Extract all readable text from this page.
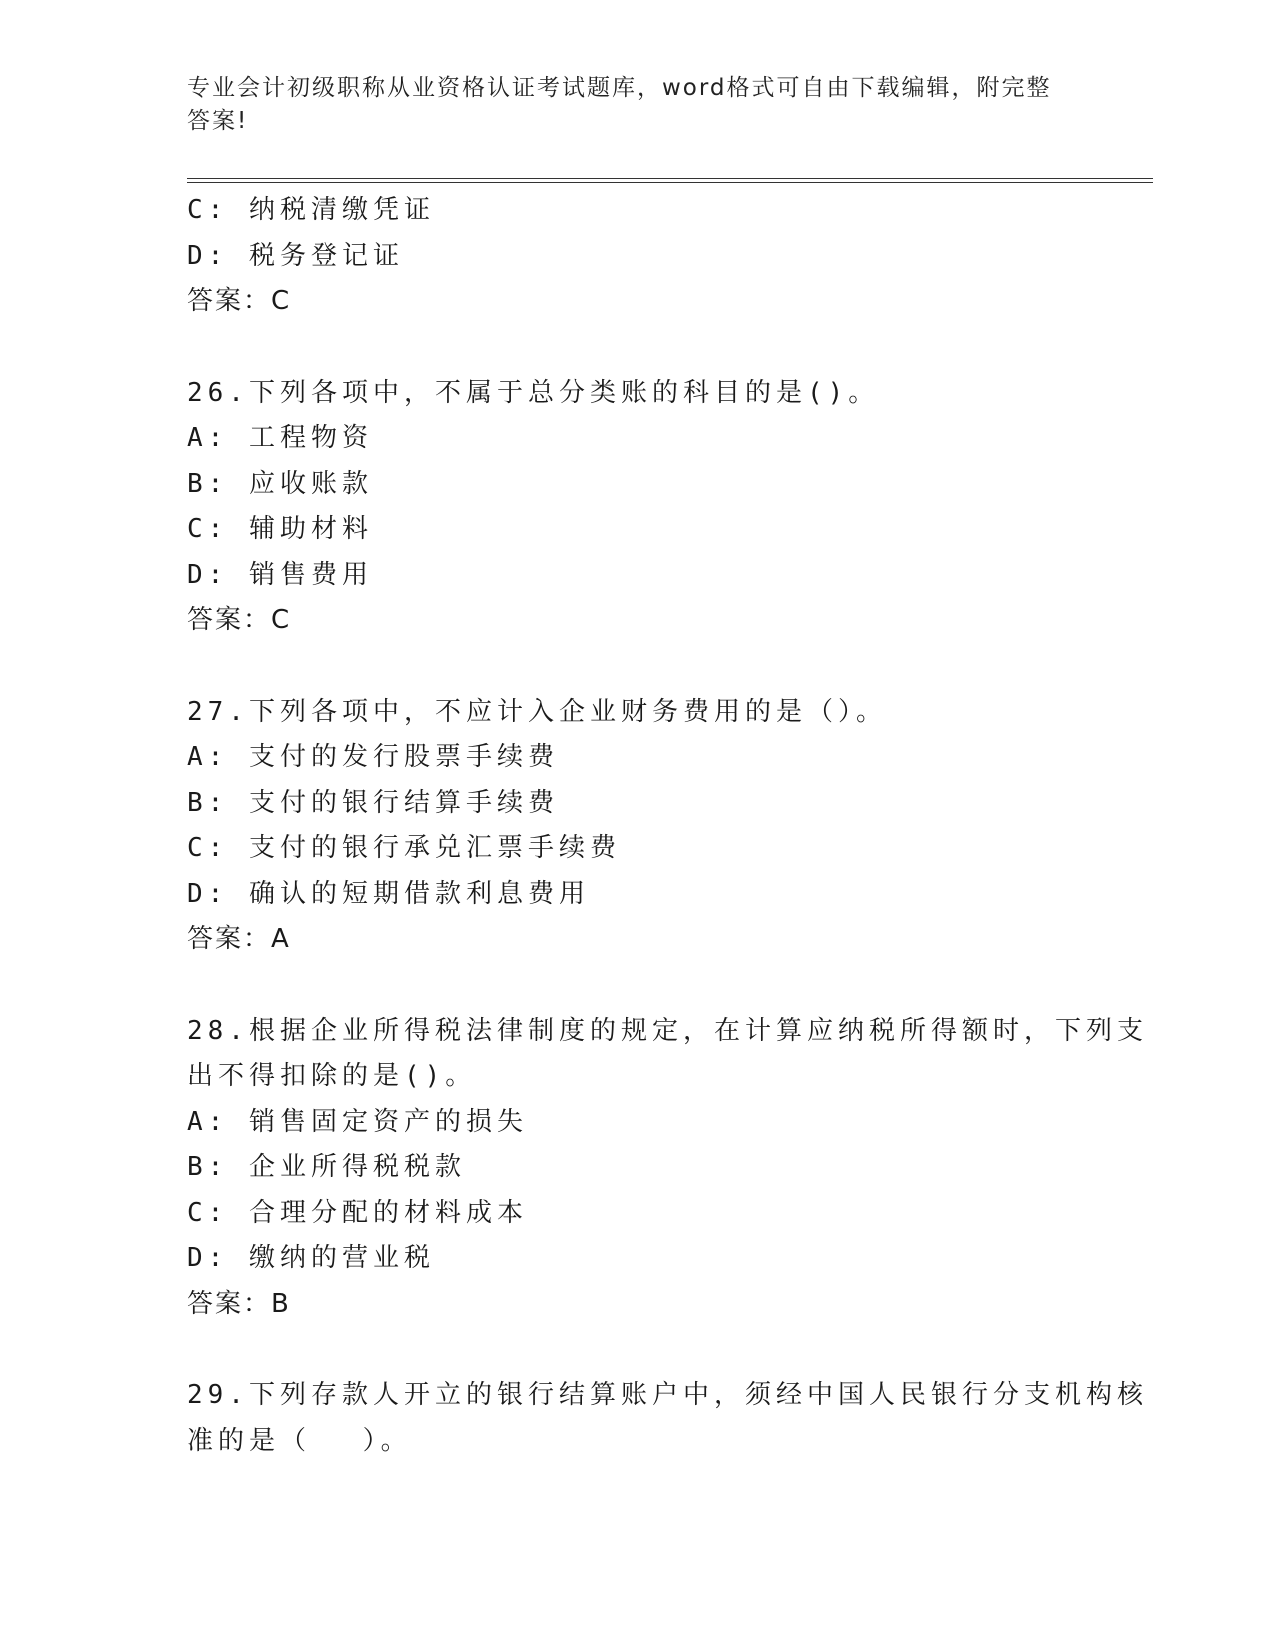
专业会计初级职称从业资格认证考试题库，word格式可自由下载编辑，附完整答案!
C: 纳税清缴凭证
D: 税务登记证
答案：C
26.下列各项中，不属于总分类账的科目的是()。
A: 工程物资
B: 应收账款
C: 辅助材料
D: 销售费用
答案：C
27.下列各项中，不应计入企业财务费用的是（）。
A: 支付的发行股票手续费
B: 支付的银行结算手续费
C: 支付的银行承兑汇票手续费
D: 确认的短期借款利息费用
答案：A
28.根据企业所得税法律制度的规定，在计算应纳税所得额时，下列支
出不得扣除的是()。
A: 销售固定资产的损失
B: 企业所得税税款
C: 合理分配的材料成本
D: 缴纳的营业税
答案：B
29.下列存款人开立的银行结算账户中，须经中国人民银行分支机构核
准的是（　 ）。
